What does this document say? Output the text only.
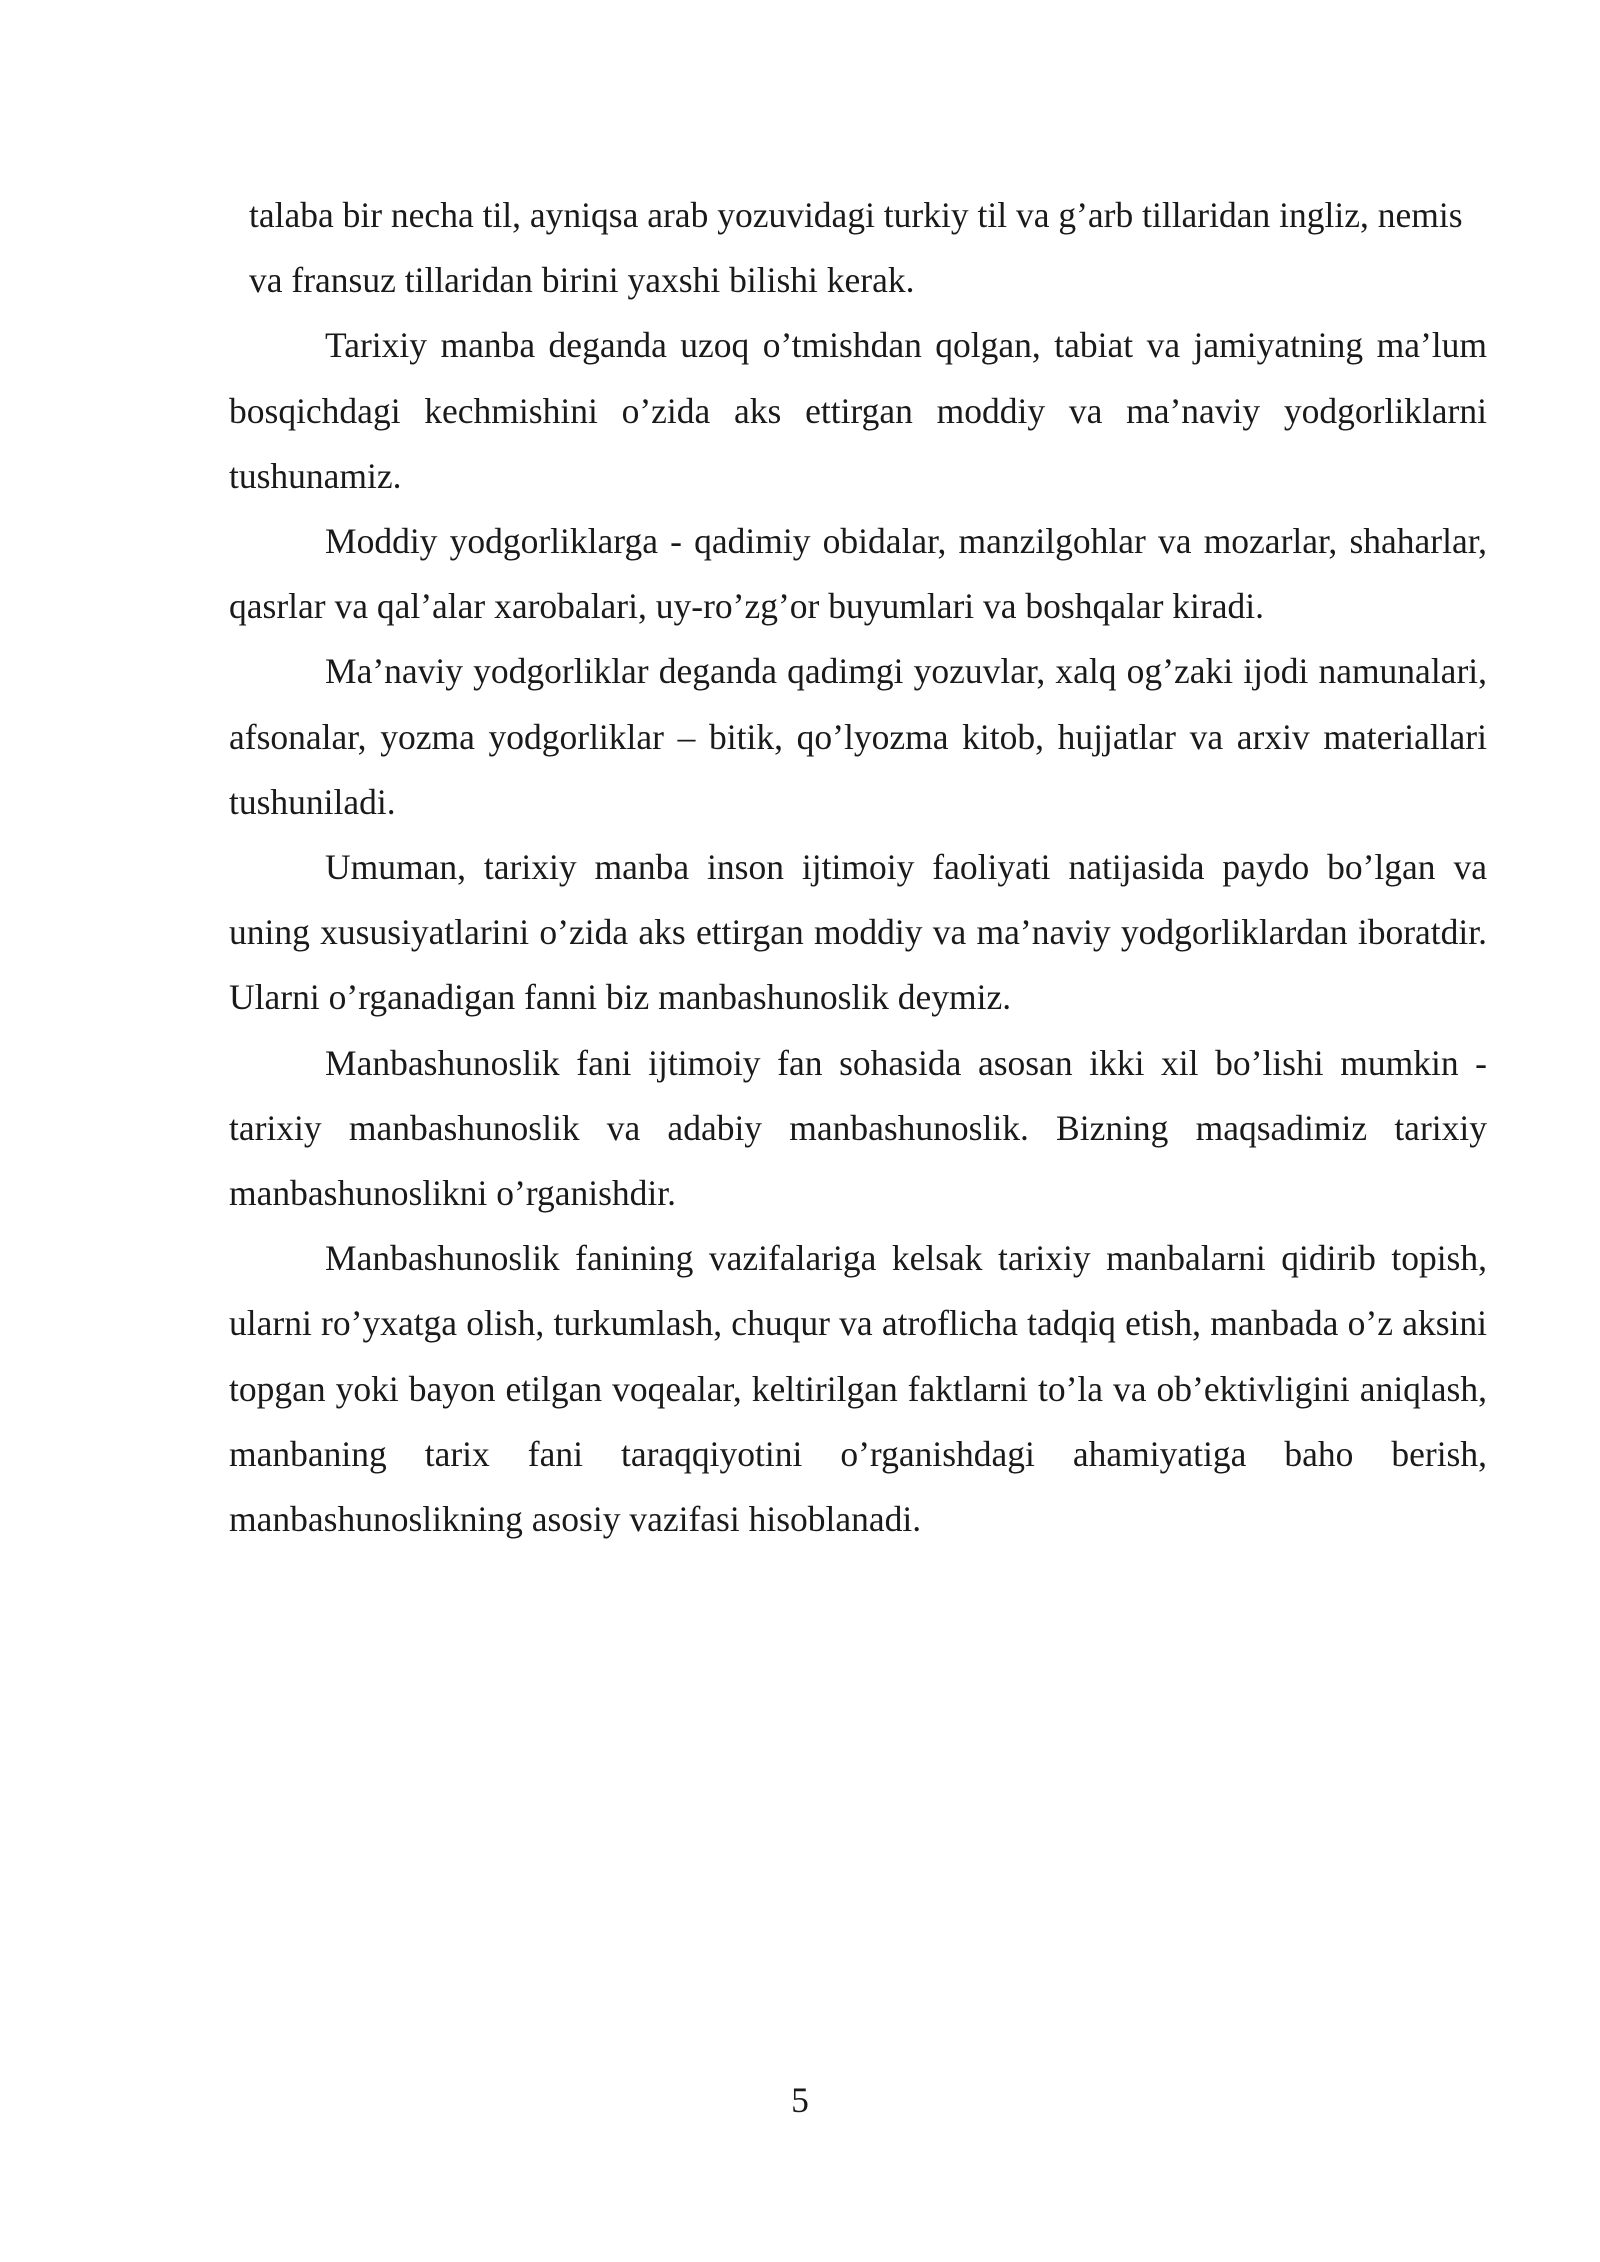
talaba bir necha til, ayniqsa arab yozuvidagi turkiy til va g’arb tillaridan ingliz, nemis va fransuz tillaridan birini yaxshi bilishi kerak.

Tarixiy manba deganda uzoq o’tmishdan qolgan, tabiat va jamiyatning ma’lum bosqichdagi kechmishini o’zida aks ettirgan moddiy va ma’naviy yodgorliklarni tushunamiz.

Moddiy yodgorliklarga - qadimiy obidalar, manzilgohlar va mozarlar, shaharlar, qasrlar va qal’alar xarobalari, uy-ro’zg’or buyumlari va boshqalar kiradi.

Ma’naviy yodgorliklar deganda qadimgi yozuvlar, xalq og’zaki ijodi namunalari, afsonalar, yozma yodgorliklar – bitik, qo’lyozma kitob, hujjatlar va arxiv materiallari tushuniladi.

Umuman, tarixiy manba inson ijtimoiy faoliyati natijasida paydo bo’lgan va uning xususiyatlarini o’zida aks ettirgan moddiy va ma’naviy yodgorliklardan iboratdir. Ularni o’rganadigan fanni biz manbashunoslik deymiz.

Manbashunoslik fani ijtimoiy fan sohasida asosan ikki xil bo’lishi mumkin - tarixiy manbashunoslik va adabiy manbashunoslik. Bizning maqsadimiz tarixiy manbashunoslikni o’rganishdir.

Manbashunoslik fanining vazifalariga kelsak tarixiy manbalarni qidirib topish, ularni ro’yxatga olish, turkumlash, chuqur va atroflicha tadqiq etish, manbada o’z aksini topgan yoki bayon etilgan voqealar, keltirilgan faktlarni to’la va ob’ektivligini aniqlash, manbaning tarix fani taraqqiyotini o’rganishdagi ahamiyatiga baho berish, manbashunoslikning asosiy vazifasi hisoblanadi.

5
